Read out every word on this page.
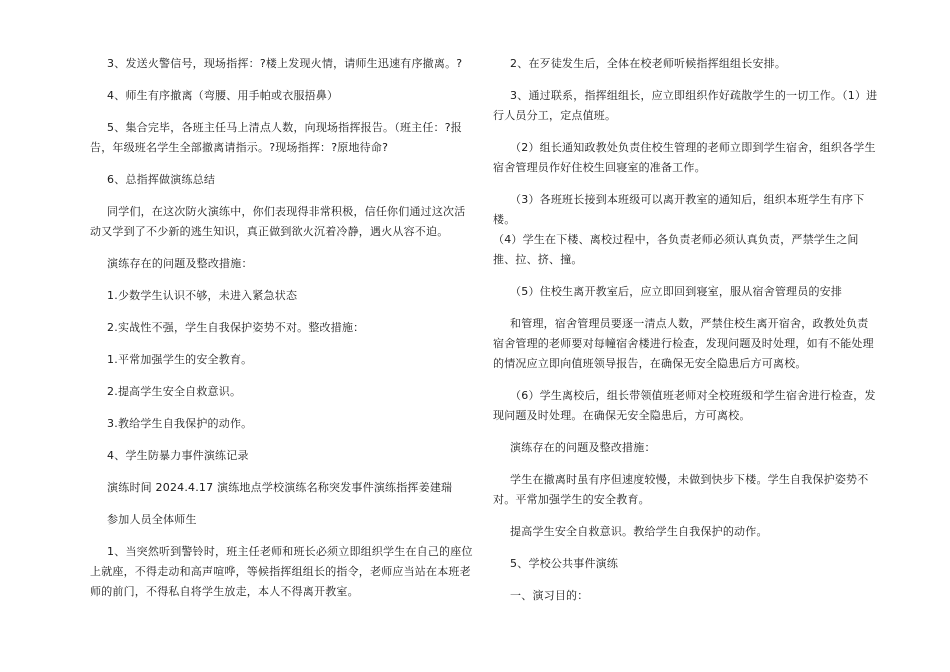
3、发送火警信号，现场指挥：?楼上发现火情，请师生迅速有序撤离。?

4、师生有序撤离（弯腰、用手帕或衣服捂鼻）

5、集合完毕，各班主任马上清点人数，向现场指挥报告。（班主任：?报告，年级班名学生全部撤离请指示。?现场指挥：?原地待命?

6、总指挥做演练总结

同学们，在这次防火演练中，你们表现得非常积极，信任你们通过这次活动又学到了不少新的逃生知识，真正做到欲火沉着冷静，遇火从容不迫。

演练存在的问题及整改措施：

1.少数学生认识不够，未进入紧急状态

2.实战性不强，学生自我保护姿势不对。整改措施：

1.平常加强学生的安全教育。

2.提高学生安全自救意识。

3.教给学生自我保护的动作。

4、学生防暴力事件演练记录

演练时间 2024.4.17 演练地点学校演练名称突发事件演练指挥姜建瑞

参加人员全体师生

1、当突然听到警铃时，班主任老师和班长必须立即组织学生在自己的座位上就座，不得走动和高声喧哗，等候指挥组组长的指令，老师应当站在本班老师的前门，不得私自将学生放走，本人不得离开教室。

2、在歹徒发生后，全体在校老师听候指挥组组长安排。

3、通过联系，指挥组组长，应立即组织作好疏散学生的一切工作。（1）进行人员分工，定点值班。

（2）组长通知政教处负责住校生管理的老师立即到学生宿舍，组织各学生宿舍管理员作好住校生回寝室的准备工作。

（3）各班班长接到本班级可以离开教室的通知后，组织本班学生有序下楼。

（4）学生在下楼、离校过程中，各负责老师必须认真负责，严禁学生之间推、拉、挤、撞。

（5）住校生离开教室后，应立即回到寝室，服从宿舍管理员的安排

和管理，宿舍管理员要逐一清点人数，严禁住校生离开宿舍，政教处负责宿舍管理的老师要对每幢宿舍楼进行检查，发现问题及时处理，如有不能处理的情况应立即向值班领导报告，在确保无安全隐患后方可离校。

（6）学生离校后，组长带领值班老师对全校班级和学生宿舍进行检查，发现问题及时处理。在确保无安全隐患后，方可离校。

演练存在的问题及整改措施：

学生在撤离时虽有序但速度较慢，未做到快步下楼。学生自我保护姿势不对。平常加强学生的安全教育。

提高学生安全自救意识。教给学生自我保护的动作。

5、学校公共事件演练

一、演习目的：
